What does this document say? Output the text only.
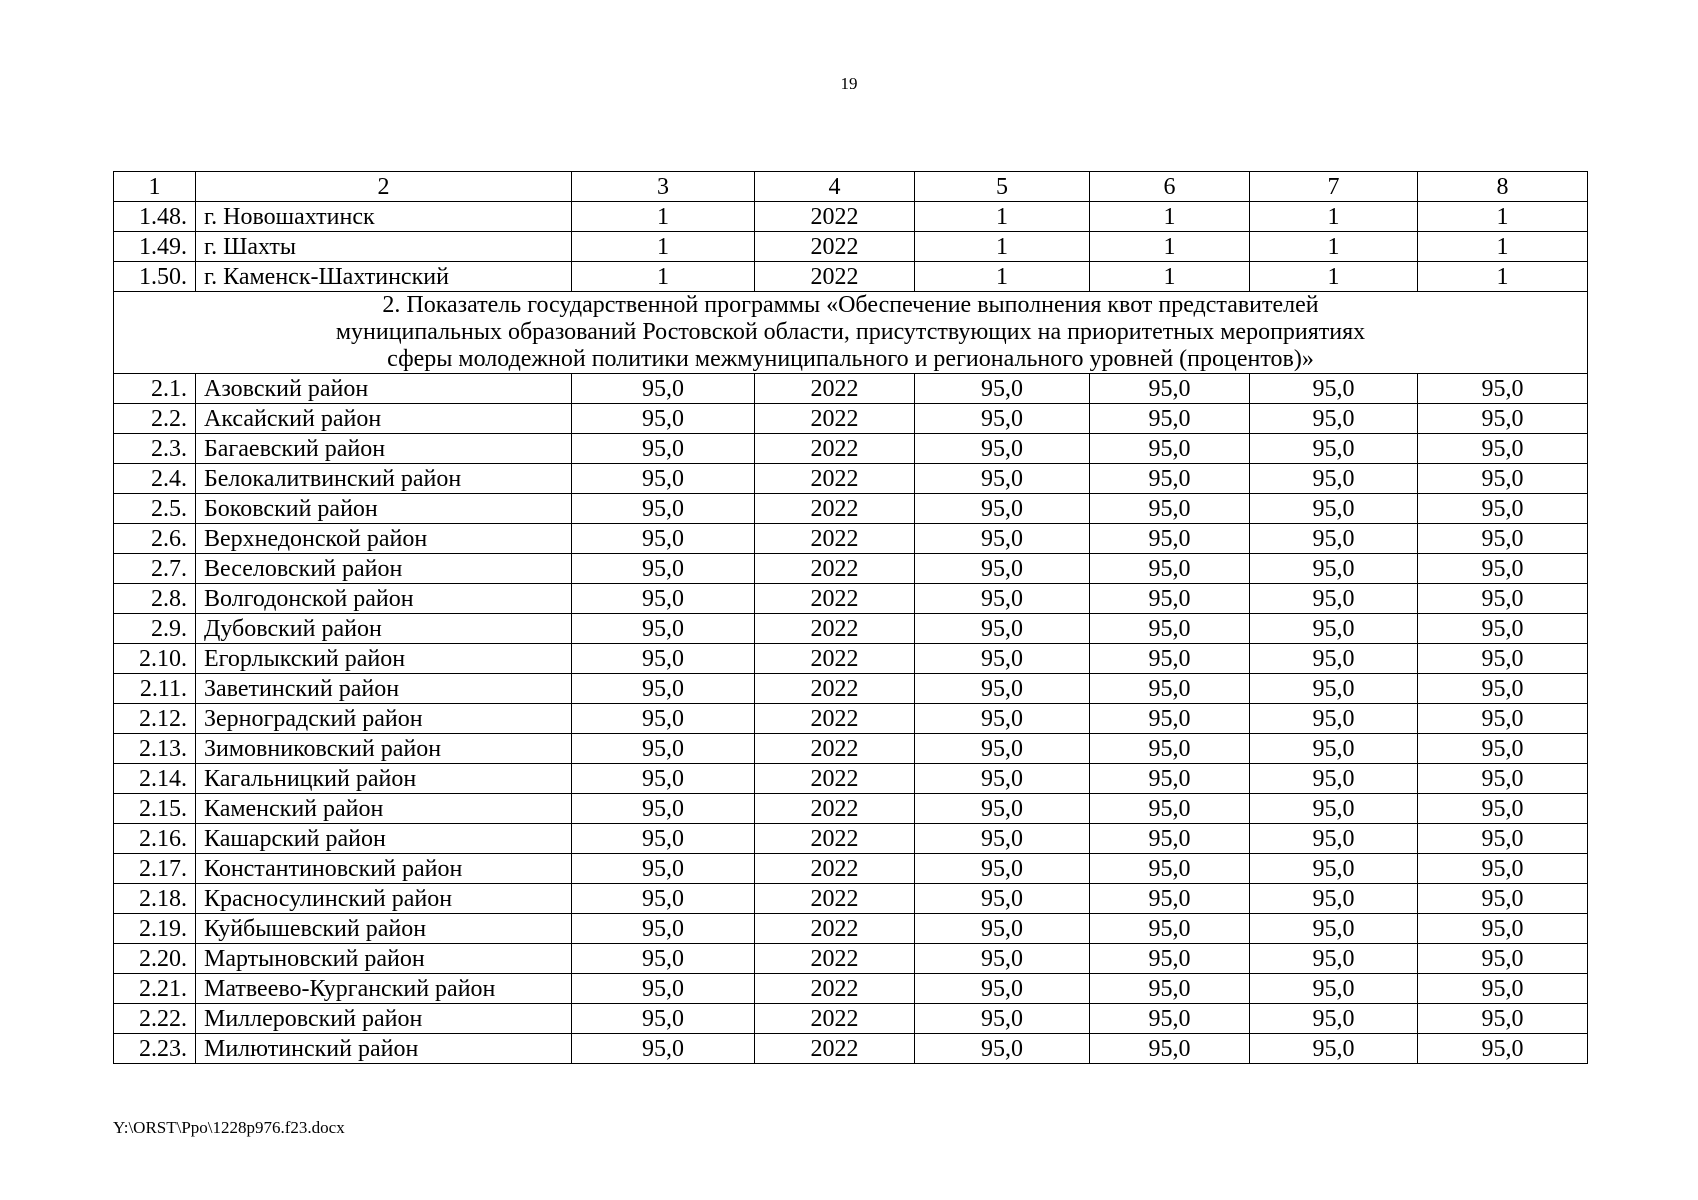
19
1	2	3	4	5	6	7	8
1.48.	г. Новошахтинск	1	2022	1	1	1	1
1.49.	г. Шахты	1	2022	1	1	1	1
1.50.	г. Каменск-Шахтинский	1	2022	1	1	1	1

2. Показатель государственной программы «Обеспечение выполнения квот представителей
муниципальных образований Ростовской области, присутствующих на приоритетных мероприятиях
сферы молодежной политики межмуниципального и регионального уровней (процентов)»							

2.1.	Азовский район	95,0	2022	95,0	95,0	95,0	95,0
2.2.	Аксайский район	95,0	2022	95,0	95,0	95,0	95,0
2.3.	Багаевский район	95,0	2022	95,0	95,0	95,0	95,0
2.4.	Белокалитвинский район	95,0	2022	95,0	95,0	95,0	95,0
2.5.	Боковский район	95,0	2022	95,0	95,0	95,0	95,0
2.6.	Верхнедонской район	95,0	2022	95,0	95,0	95,0	95,0
2.7.	Веселовский район	95,0	2022	95,0	95,0	95,0	95,0
2.8.	Волгодонской район	95,0	2022	95,0	95,0	95,0	95,0
2.9.	Дубовский район	95,0	2022	95,0	95,0	95,0	95,0
2.10.	Егорлыкский район	95,0	2022	95,0	95,0	95,0	95,0
2.11.	Заветинский район	95,0	2022	95,0	95,0	95,0	95,0
2.12.	Зерноградский район	95,0	2022	95,0	95,0	95,0	95,0
2.13.	Зимовниковский район	95,0	2022	95,0	95,0	95,0	95,0
2.14.	Кагальницкий район	95,0	2022	95,0	95,0	95,0	95,0
2.15.	Каменский район	95,0	2022	95,0	95,0	95,0	95,0
2.16.	Кашарский район	95,0	2022	95,0	95,0	95,0	95,0
2.17.	Константиновский район	95,0	2022	95,0	95,0	95,0	95,0
2.18.	Красносулинский район	95,0	2022	95,0	95,0	95,0	95,0
2.19.	Куйбышевский район	95,0	2022	95,0	95,0	95,0	95,0
2.20.	Мартыновский район	95,0	2022	95,0	95,0	95,0	95,0
2.21.	Матвеево-Курганский район	95,0	2022	95,0	95,0	95,0	95,0
2.22.	Миллеровский район	95,0	2022	95,0	95,0	95,0	95,0
2.23.	Милютинский район	95,0	2022	95,0	95,0	95,0	95,0
Y:\ORST\Ppo\1228p976.f23.docx
